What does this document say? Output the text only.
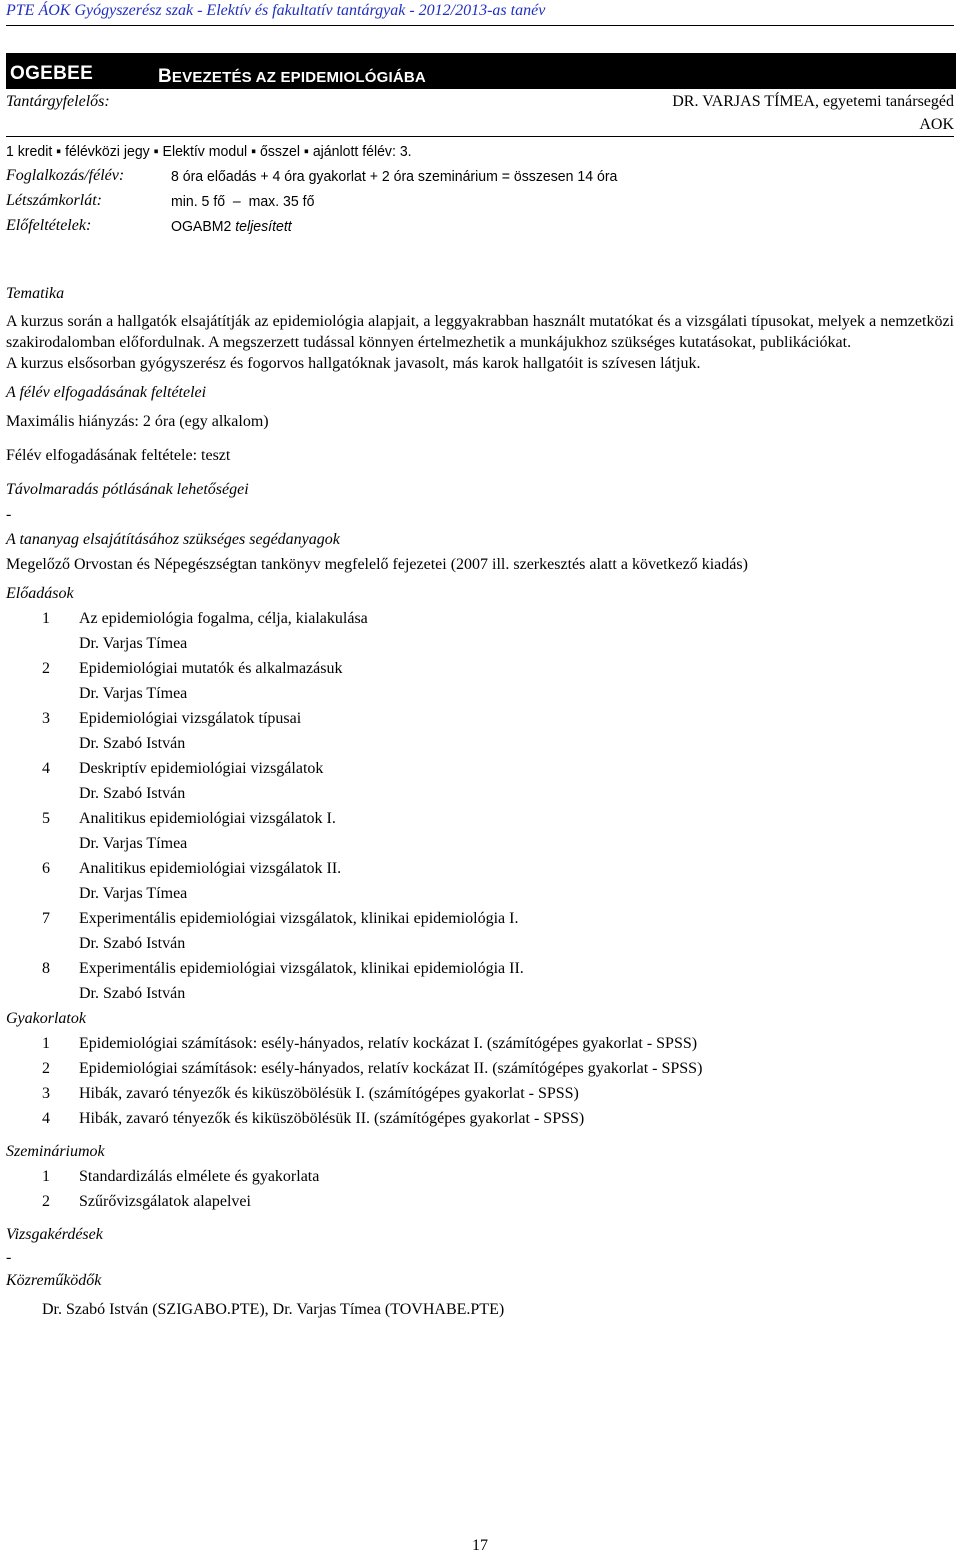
PTE ÁOK Gyógyszerész szak - Elektív és fakultatív tantárgyak - 2012/2013-as tanév
OGEBEE	BEVEZETÉS AZ EPIDEMIOLÓGIÁBA
Tantárgyfelelős:	DR. VARJAS TÍMEA, egyetemi tanársegéd
AOK
1 kredit ▪ félévközi jegy ▪ Elektív modul ▪ ősszel ▪ ajánlott félév: 3.
Foglalkozás/félév:	8 óra előadás + 4 óra gyakorlat + 2 óra szeminárium = összesen 14 óra
Létszámkorlát:	min. 5 fő  –  max. 35 fő
Előfeltételek:	OGABM2 teljesített

Tematika

A kurzus során a hallgatók elsajátítják az epidemiológia alapjait, a leggyakrabban használt mutatókat és a vizsgálati típusokat, melyek a nemzetközi szakirodalomban előfordulnak. A megszerzett tudással könnyen értelmezhetik a munkájukhoz szükséges kutatásokat, publikációkat.

A kurzus elsősorban gyógyszerész és fogorvos hallgatóknak javasolt, más karok hallgatóit is szívesen látjuk.

A félév elfogadásának feltételei

Maximális hiányzás: 2 óra (egy alkalom)

Félév elfogadásának feltétele: teszt

Távolmaradás pótlásának lehetőségei

-

A tananyag elsajátításához szükséges segédanyagok

Megelőző Orvostan és Népegészségtan tankönyv megfelelő fejezetei (2007 ill. szerkesztés alatt a következő kiadás)

Előadások

1	Az epidemiológia fogalma, célja, kialakulása

Dr. Varjas Tímea

2	Epidemiológiai mutatók és alkalmazásuk

Dr. Varjas Tímea

3	Epidemiológiai vizsgálatok típusai

Dr. Szabó István

4	Deskriptív epidemiológiai vizsgálatok

Dr. Szabó István

5	Analitikus epidemiológiai vizsgálatok I.

Dr. Varjas Tímea

6	Analitikus epidemiológiai vizsgálatok II.

Dr. Varjas Tímea

7	Experimentális epidemiológiai vizsgálatok, klinikai epidemiológia I.

Dr. Szabó István

8	Experimentális epidemiológiai vizsgálatok, klinikai epidemiológia II.

Dr. Szabó István

Gyakorlatok

1	Epidemiológiai számítások: esély-hányados, relatív kockázat I. (számítógépes gyakorlat - SPSS)
2	Epidemiológiai számítások: esély-hányados, relatív kockázat II. (számítógépes gyakorlat - SPSS)
3	Hibák, zavaró tényezők és kiküszöbölésük I. (számítógépes gyakorlat - SPSS)
4	Hibák, zavaró tényezők és kiküszöbölésük II. (számítógépes gyakorlat - SPSS)

Szemináriumok

1	Standardizálás elmélete és gyakorlata
2	Szűrővizsgálatok alapelvei

Vizsgakérdések

-

Közreműködők

Dr. Szabó István (SZIGABO.PTE), Dr. Varjas Tímea (TOVHABE.PTE)

17
